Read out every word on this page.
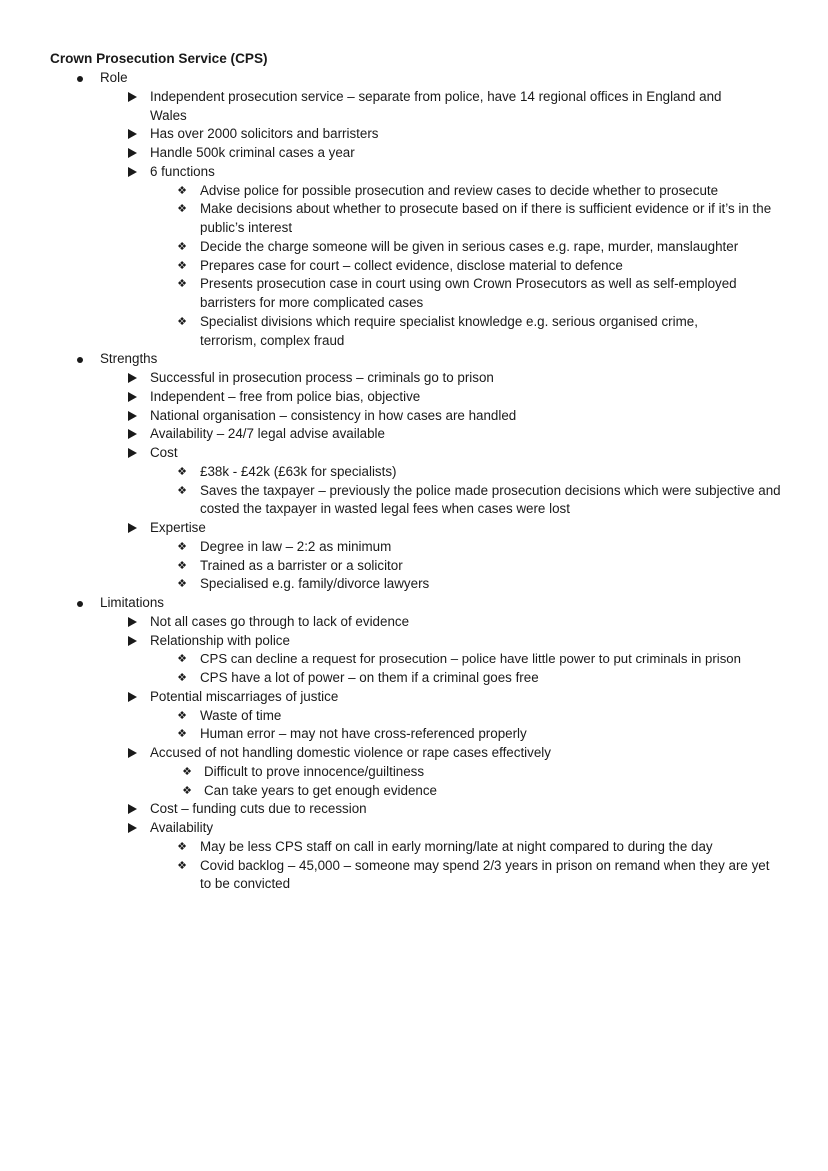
Crown Prosecution Service (CPS)
Role
Independent prosecution service – separate from police, have 14 regional offices in England and Wales
Has over 2000 solicitors and barristers
Handle 500k criminal cases a year
6 functions
❖ Advise police for possible prosecution and review cases to decide whether to prosecute
❖ Make decisions about whether to prosecute based on if there is sufficient evidence or if it’s in the public’s interest
❖ Decide the charge someone will be given in serious cases e.g. rape, murder, manslaughter
❖ Prepares case for court – collect evidence, disclose material to defence
❖ Presents prosecution case in court using own Crown Prosecutors as well as self-employed barristers for more complicated cases
❖ Specialist divisions which require specialist knowledge e.g. serious organised crime, terrorism, complex fraud
Strengths
Successful in prosecution process – criminals go to prison
Independent – free from police bias, objective
National organisation – consistency in how cases are handled
Availability – 24/7 legal advise available
Cost
❖ £38k - £42k (£63k for specialists)
❖ Saves the taxpayer – previously the police made prosecution decisions which were subjective and costed the taxpayer in wasted legal fees when cases were lost
Expertise
❖ Degree in law – 2:2 as minimum
❖ Trained as a barrister or a solicitor
❖ Specialised e.g. family/divorce lawyers
Limitations
Not all cases go through to lack of evidence
Relationship with police
❖ CPS can decline a request for prosecution – police have little power to put criminals in prison
❖ CPS have a lot of power – on them if a criminal goes free
Potential miscarriages of justice
❖ Waste of time
❖ Human error – may not have cross-referenced properly
Accused of not handling domestic violence or rape cases effectively
❖ Difficult to prove innocence/guiltiness
❖ Can take years to get enough evidence
Cost – funding cuts due to recession
Availability
❖ May be less CPS staff on call in early morning/late at night compared to during the day
❖ Covid backlog – 45,000 – someone may spend 2/3 years in prison on remand when they are yet to be convicted
